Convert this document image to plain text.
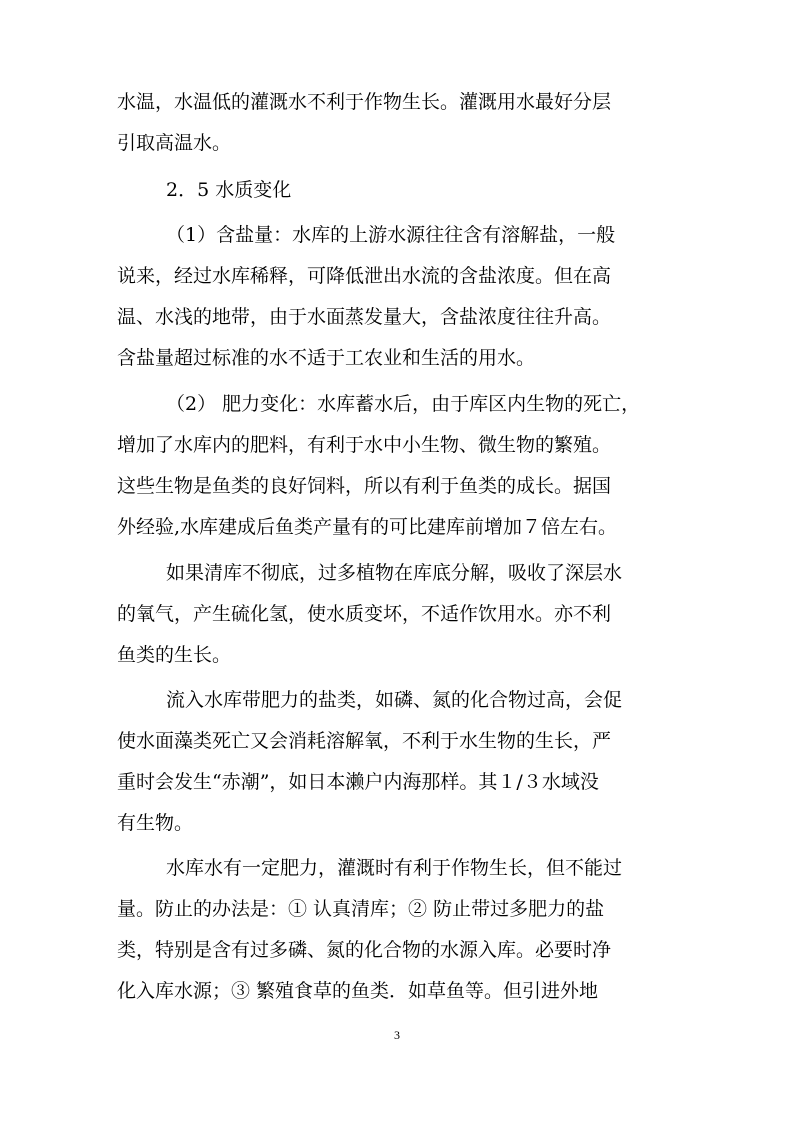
水温，水温低的灌溉水不利于作物生长。灌溉用水最好分层
引取高温水。
2．5 水质变化
（1）含盐量：水库的上游水源往往含有溶解盐，一般
说来，经过水库稀释，可降低泄出水流的含盐浓度。但在高
温、水浅的地带，由于水面蒸发量大，含盐浓度往往升高。
含盐量超过标准的水不适于工农业和生活的用水。
（2） 肥力变化：水库蓄水后，由于库区内生物的死亡，
增加了水库内的肥料，有利于水中小生物、微生物的繁殖。
这些生物是鱼类的良好饲料，所以有利于鱼类的成长。据国
外经验,水库建成后鱼类产量有的可比建库前增加７倍左右。
如果清库不彻底，过多植物在库底分解，吸收了深层水
的氧气，产生硫化氢，使水质变坏，不适作饮用水。亦不利
鱼类的生长。
流入水库带肥力的盐类，如磷、氮的化合物过高，会促
使水面藻类死亡又会消耗溶解氧，不利于水生物的生长，严
重时会发生“赤潮”，如日本濑户内海那样。其１/３水域没
有生物。
水库水有一定肥力，灌溉时有利于作物生长，但不能过
量。防止的办法是：① 认真清库；② 防止带过多肥力的盐
类，特别是含有过多磷、氮的化合物的水源入库。必要时净
化入库水源；③ 繁殖食草的鱼类．如草鱼等。但引进外地
3
